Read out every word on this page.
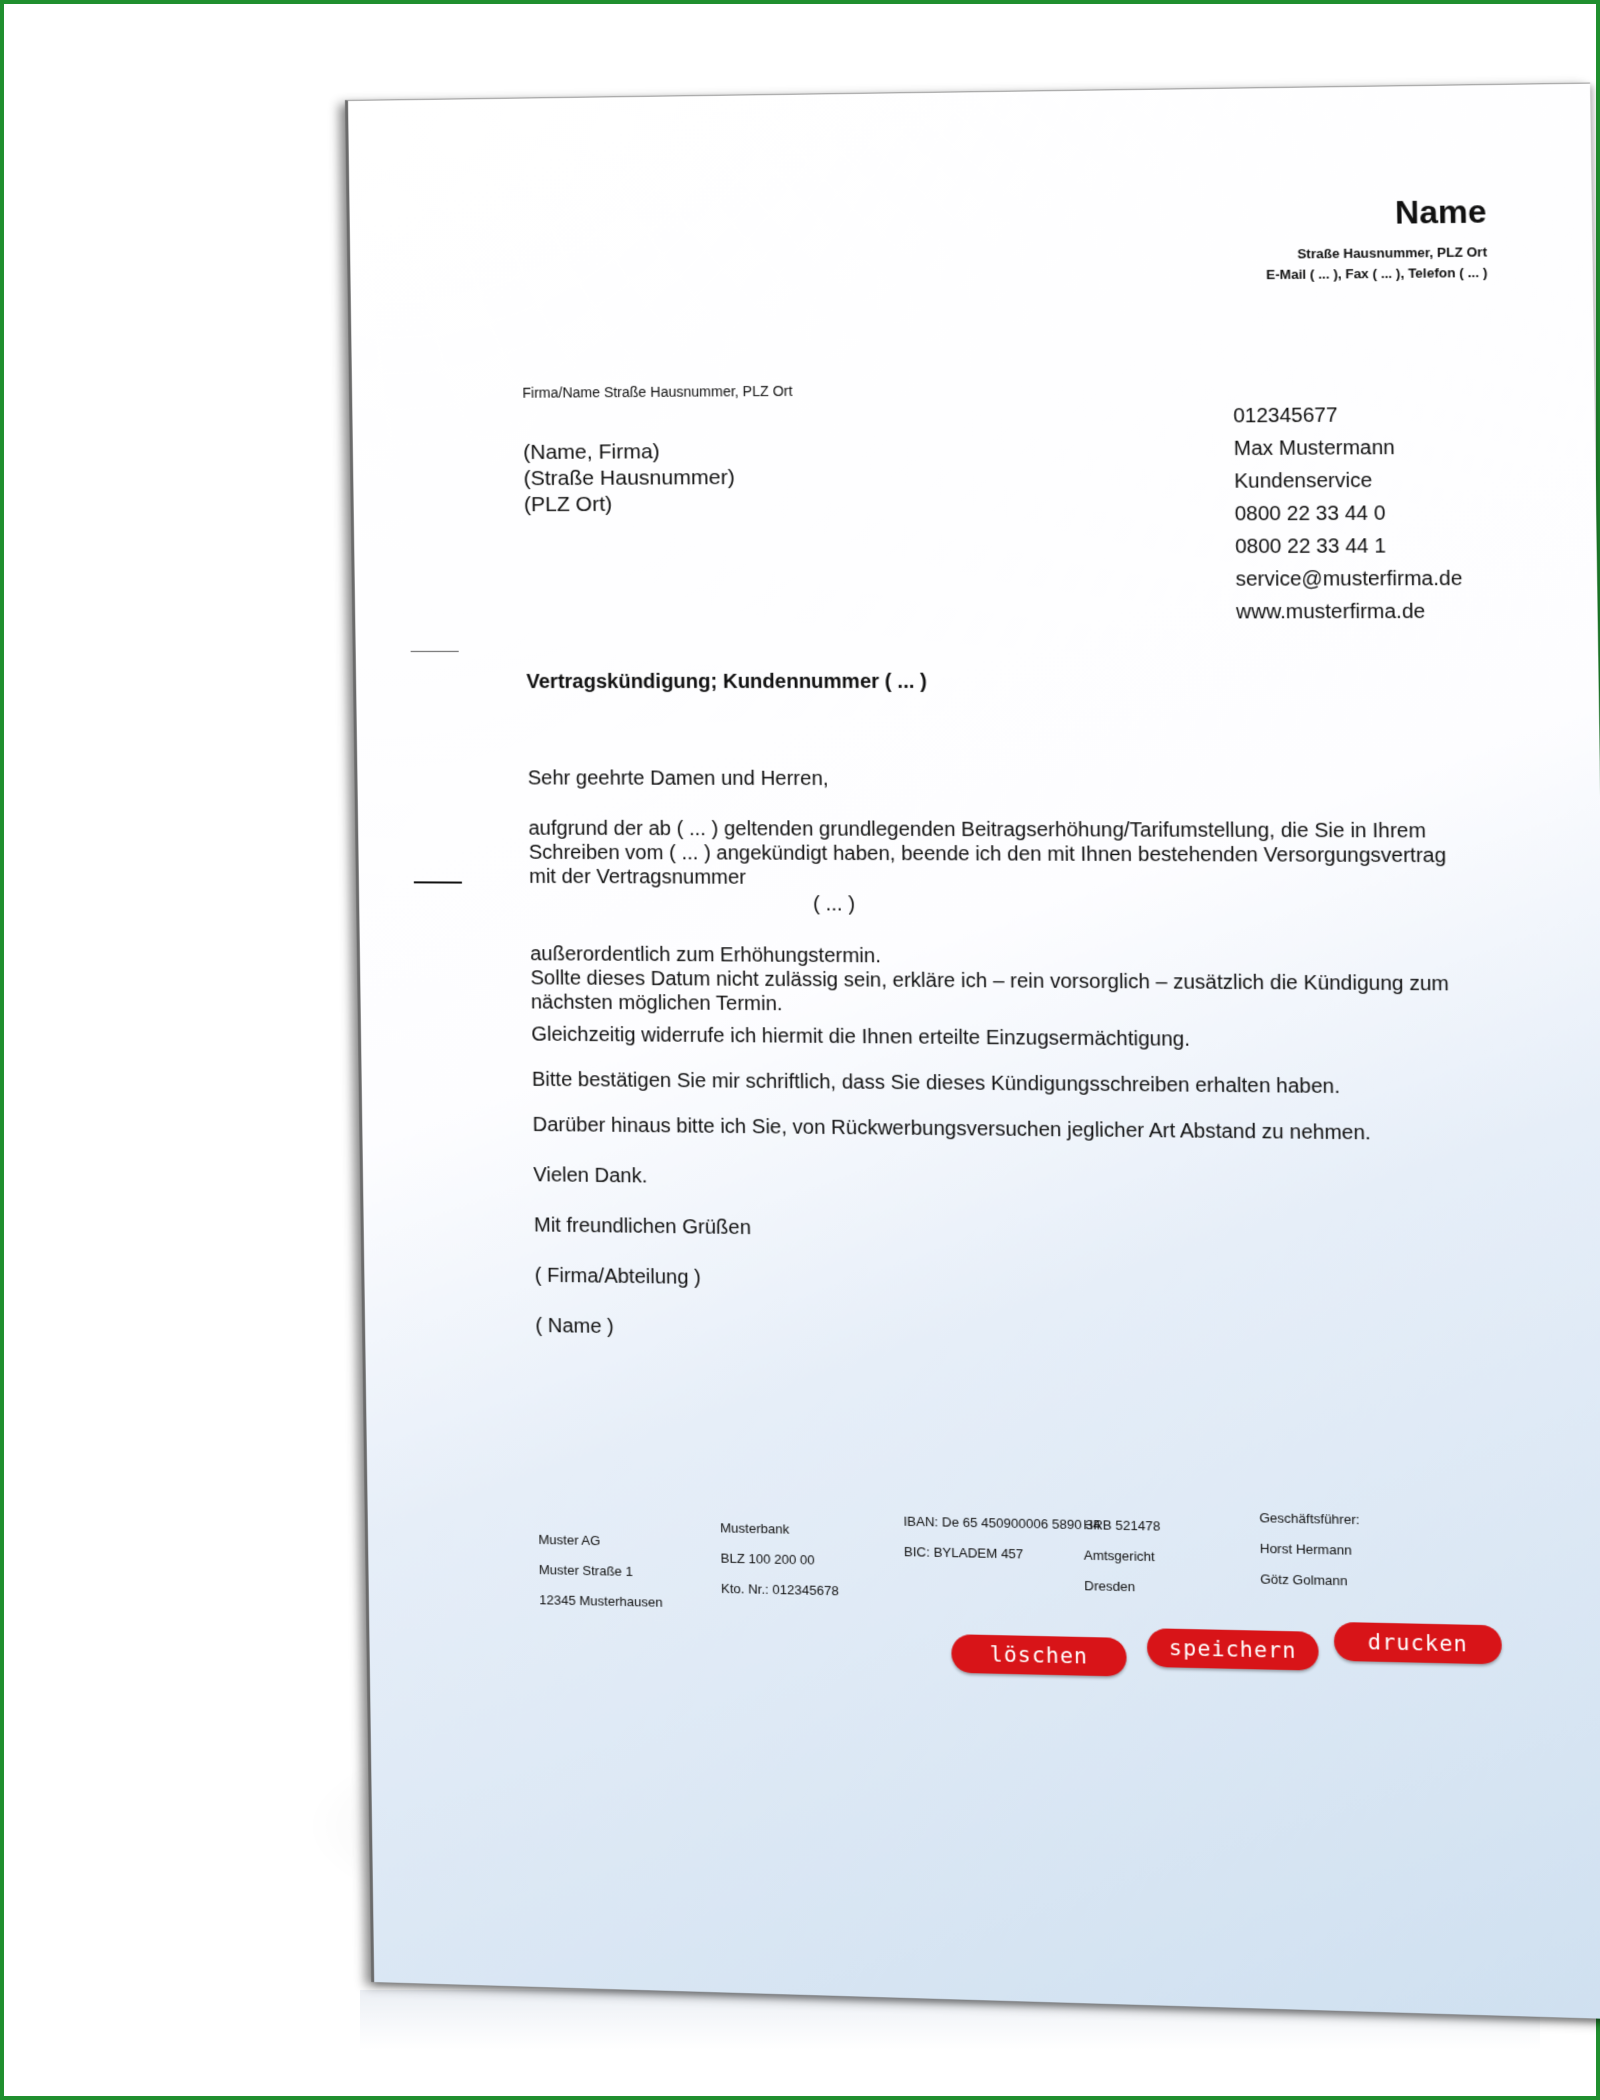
Name
Straße Hausnummer, PLZ Ort
E-Mail ( ... ), Fax ( ... ), Telefon ( ... )
Firma/Name Straße Hausnummer, PLZ Ort
(Name, Firma)
(Straße Hausnummer)
(PLZ Ort)
012345677
Max Mustermann
Kundenservice
0800 22 33 44 0
0800 22 33 44 1
service@musterfirma.de
www.musterfirma.de
Vertragskündigung; Kundennummer ( ... )
Sehr geehrte Damen und Herren,
aufgrund der ab ( ... ) geltenden grundlegenden Beitragserhöhung/Tarifumstellung, die Sie in Ihrem Schreiben vom ( ... ) angekündigt haben, beende ich den mit Ihnen bestehenden Versorgungsvertrag mit der Vertragsnummer
( ... )
außerordentlich zum Erhöhungstermin.
Sollte dieses Datum nicht zulässig sein, erkläre ich – rein vorsorglich – zusätzlich die Kündigung zum nächsten möglichen Termin.
Gleichzeitig widerrufe ich hiermit die Ihnen erteilte Einzugsermächtigung.
Bitte bestätigen Sie mir schriftlich, dass Sie dieses Kündigungsschreiben erhalten haben.
Darüber hinaus bitte ich Sie, von Rückwerbungsversuchen jeglicher Art Abstand zu nehmen.
Vielen Dank.
Mit freundlichen Grüßen
( Firma/Abteilung )
( Name )
Muster AG
Muster Straße 1
12345 Musterhausen
Musterbank
BLZ 100 200 00
Kto. Nr.: 012345678
IBAN: De 65 450900006 5890 34
BIC: BYLADEM 457
HRB 521478
Amtsgericht
Dresden
Geschäftsführer:
Horst Hermann
Götz Golmann
löschen	speichern	drucken
